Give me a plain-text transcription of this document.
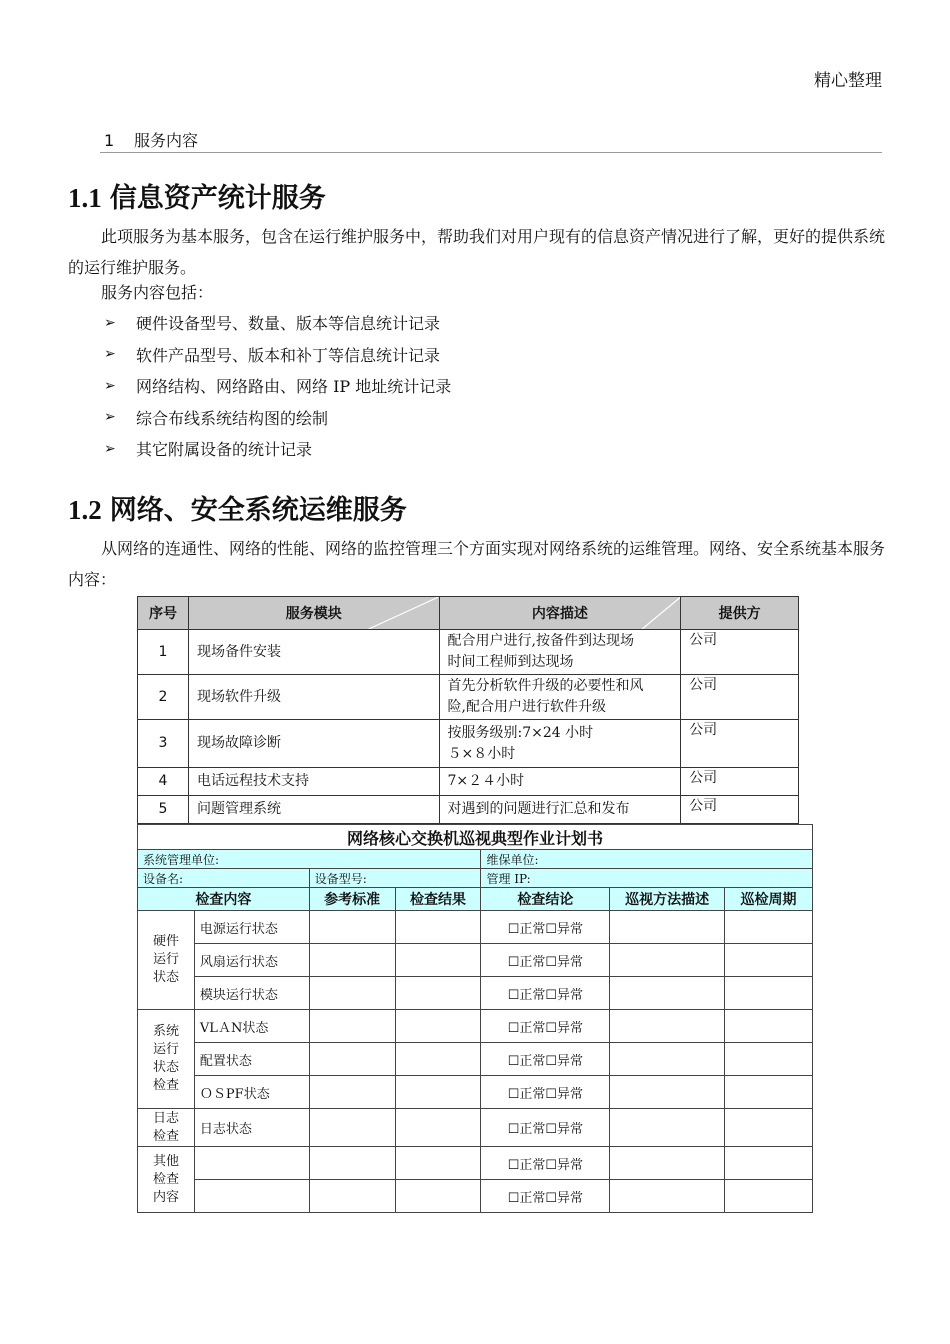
精心整理
1 服务内容
1.1 信息资产统计服务
此项服务为基本服务，包含在运行维护服务中，帮助我们对用户现有的信息资产情况进行了解，更好的提供系统的运行维护服务。
服务内容包括：
➢	硬件设备型号、数量、版本等信息统计记录
➢	软件产品型号、版本和补丁等信息统计记录
➢	网络结构、网络路由、网络 IP 地址统计记录
➢	综合布线系统结构图的绘制
➢	其它附属设备的统计记录
1.2 网络、安全系统运维服务
从网络的连通性、网络的性能、网络的监控管理三个方面实现对网络系统的运维管理。网络、安全系统基本服务内容：
序号	服务模块	内容描述	提供方
1	现场备件安装	配合用户进行,按备件到达现场
时间工程师到达现场	公司
2	现场软件升级	首先分析软件升级的必要性和风
险,配合用户进行软件升级	公司
3	现场故障诊断	按服务级别:7×24 小时
５×８小时	公司
4	电话远程技术支持	7×２４小时	公司
5	问题管理系统	对遇到的问题进行汇总和发布	公司
网络核心交换机巡视典型作业计划书						
系统管理单位:				维保单位:		
设备名:		设备型号:		管理 IP:		
检查内容		参考标准	检查结果	检查结论	巡视方法描述	巡检周期

硬件
运行
状态	电源运行状态			☐正常☐异常		
	风扇运行状态			☐正常☐异常		
	模块运行状态			☐正常☐异常		

系统
运行
状态
检查	VLＡN状态			☐正常☐异常		
	配置状态			☐正常☐异常		
	ＯＳPF状态			☐正常☐异常		

日志
检查	日志状态			☐正常☐异常		

其他
检查
内容				☐正常☐异常		
				☐正常☐异常		
